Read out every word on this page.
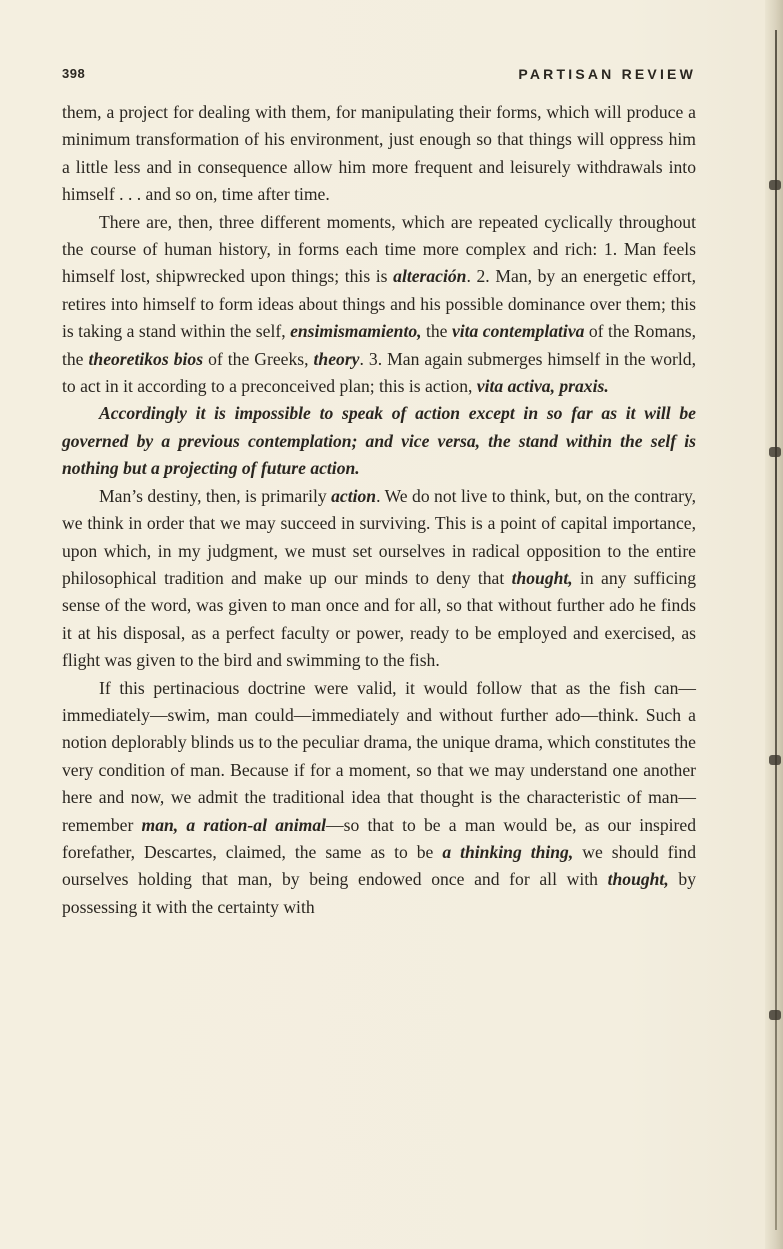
398	PARTISAN REVIEW

them, a project for dealing with them, for manipulating their forms, which will produce a minimum transformation of his environment, just enough so that things will oppress him a little less and in consequence allow him more frequent and leisurely withdrawals into himself . . . and so on, time after time.

There are, then, three different moments, which are repeated cyclically throughout the course of human history, in forms each time more complex and rich: 1. Man feels himself lost, shipwrecked upon things; this is alteración. 2. Man, by an energetic effort, retires into himself to form ideas about things and his possible dominance over them; this is taking a stand within the self, ensimismamiento, the vita contemplativa of the Romans, the theoretikos bios of the Greeks, theory. 3. Man again submerges himself in the world, to act in it according to a preconceived plan; this is action, vita activa, praxis.

Accordingly it is impossible to speak of action except in so far as it will be governed by a previous contemplation; and vice versa, the stand within the self is nothing but a projecting of future action.

Man’s destiny, then, is primarily action. We do not live to think, but, on the contrary, we think in order that we may succeed in surviving. This is a point of capital importance, upon which, in my judgment, we must set ourselves in radical opposition to the entire philosophical tradition and make up our minds to deny that thought, in any sufficing sense of the word, was given to man once and for all, so that without further ado he finds it at his disposal, as a perfect faculty or power, ready to be employed and exercised, as flight was given to the bird and swimming to the fish.

If this pertinacious doctrine were valid, it would follow that as the fish can—immediately—swim, man could—immediately and without further ado—think. Such a notion deplorably blinds us to the peculiar drama, the unique drama, which constitutes the very condition of man. Because if for a moment, so that we may understand one another here and now, we admit the traditional idea that thought is the characteristic of man—remember man, a ration-al animal—so that to be a man would be, as our inspired forefather, Descartes, claimed, the same as to be a thinking thing, we should find ourselves holding that man, by being endowed once and for all with thought, by possessing it with the certainty with
